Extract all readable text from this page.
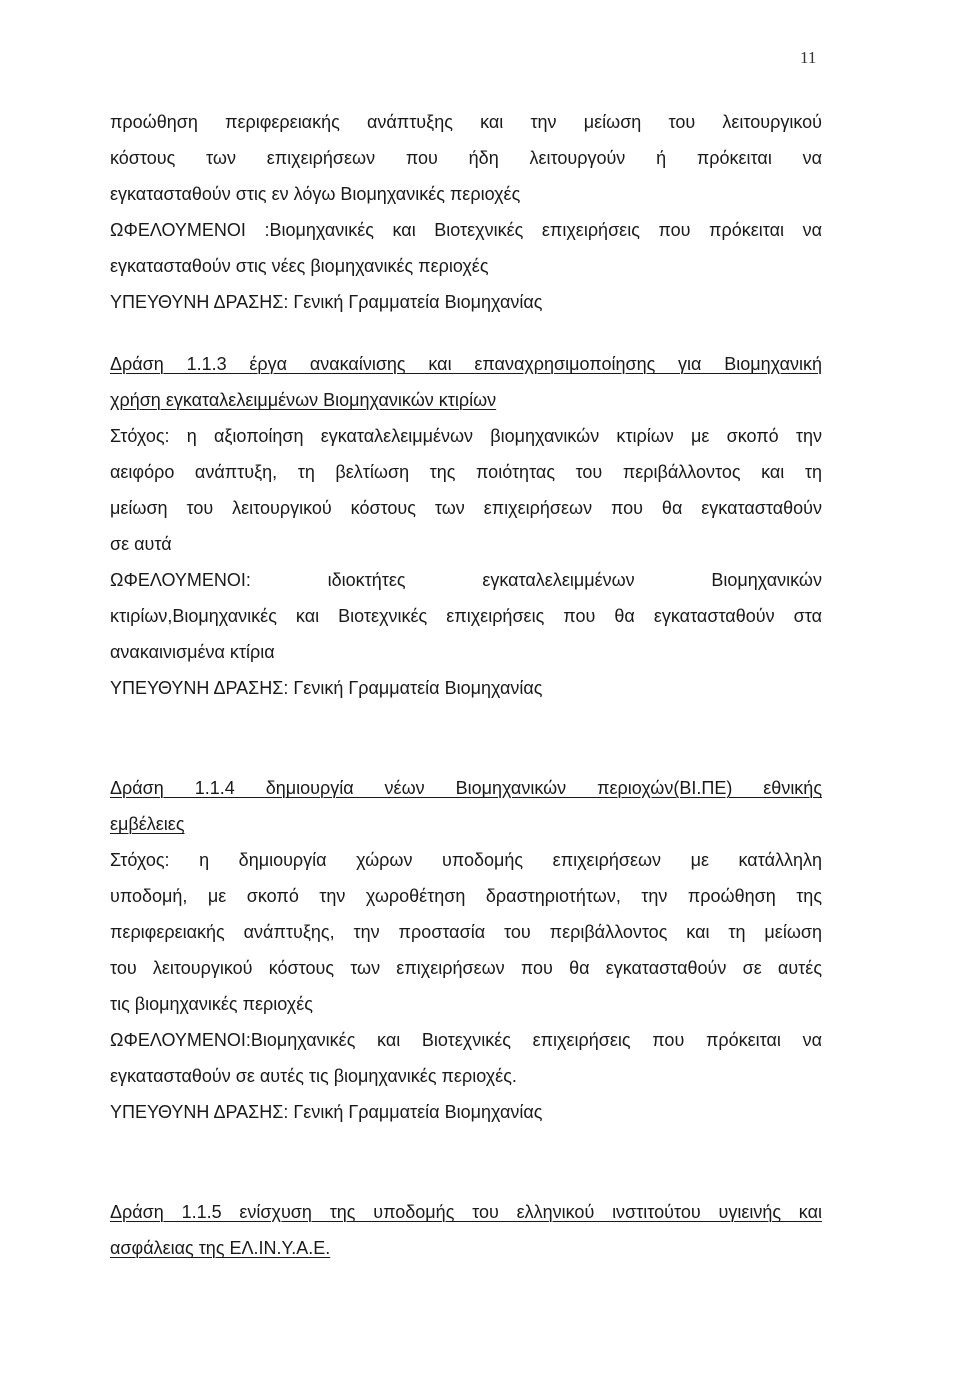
11

προώθηση περιφερειακής ανάπτυξης και την μείωση του λειτουργικού
κόστους των επιχειρήσεων που ήδη λειτουργούν ή πρόκειται να
εγκατασταθούν στις εν λόγω Βιομηχανικές περιοχές

ΩΦΕΛΟΥΜΕΝΟΙ :Βιομηχανικές και Βιοτεχνικές επιχειρήσεις που πρόκειται να
εγκατασταθούν στις νέες βιομηχανικές περιοχές

ΥΠΕΥΘΥΝΗ ΔΡΑΣΗΣ: Γενική Γραμματεία Βιομηχανίας

Δράση 1.1.3 έργα ανακαίνισης και επαναχρησιμοποίησης για Βιομηχανική
χρήση εγκαταλελειμμένων Βιομηχανικών κτιρίων

Στόχος: η αξιοποίηση εγκαταλελειμμένων βιομηχανικών κτιρίων με σκοπό την
αειφόρο ανάπτυξη, τη βελτίωση της ποιότητας του περιβάλλοντος και τη
μείωση του λειτουργικού κόστους των επιχειρήσεων που θα εγκατασταθούν
σε αυτά

ΩΦΕΛΟΥΜΕΝΟΙ: ιδιοκτήτες εγκαταλελειμμένων Βιομηχανικών
κτιρίων,Βιομηχανικές και Βιοτεχνικές επιχειρήσεις που θα εγκατασταθούν στα
ανακαινισμένα κτίρια

ΥΠΕΥΘΥΝΗ ΔΡΑΣΗΣ: Γενική Γραμματεία Βιομηχανίας

Δράση 1.1.4 δημιουργία νέων Βιομηχανικών περιοχών(ΒΙ.ΠΕ) εθνικής
εμβέλειες

Στόχος: η δημιουργία χώρων υποδομής επιχειρήσεων με κατάλληλη
υποδομή, με σκοπό την χωροθέτηση δραστηριοτήτων, την προώθηση της
περιφερειακής ανάπτυξης, την προστασία του περιβάλλοντος και τη μείωση
του λειτουργικού κόστους των επιχειρήσεων που θα εγκατασταθούν σε αυτές
τις βιομηχανικές περιοχές

ΩΦΕΛΟΥΜΕΝΟΙ:Βιομηχανικές και Βιοτεχνικές επιχειρήσεις που πρόκειται να
εγκατασταθούν σε αυτές τις βιομηχανικές περιοχές.

ΥΠΕΥΘΥΝΗ ΔΡΑΣΗΣ: Γενική Γραμματεία Βιομηχανίας

Δράση 1.1.5 ενίσχυση της υποδομής του ελληνικού ινστιτούτου υγιεινής και
ασφάλειας της ΕΛ.ΙΝ.Υ.Α.Ε.
